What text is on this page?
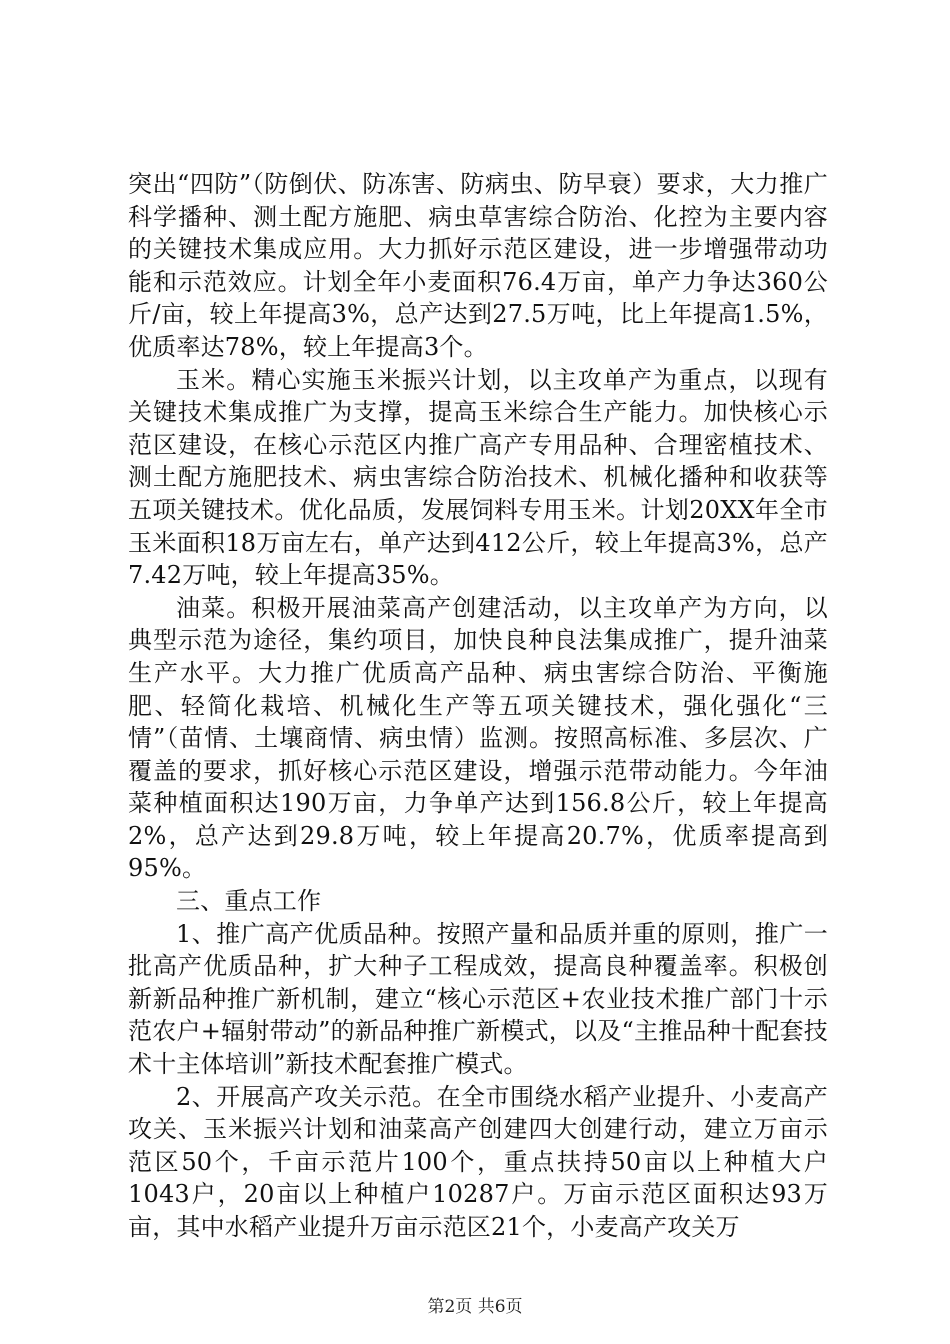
突出“四防”（防倒伏、防冻害、防病虫、防早衰）要求，大力推广科学播种、测土配方施肥、病虫草害综合防治、化控为主要内容的关键技术集成应用。大力抓好示范区建设，进一步增强带动功能和示范效应。计划全年小麦面积76.4万亩，单产力争达360公斤/亩，较上年提高3%，总产达到27.5万吨，比上年提高1.5%，优质率达78%，较上年提高3个。

玉米。精心实施玉米振兴计划，以主攻单产为重点，以现有关键技术集成推广为支撑，提高玉米综合生产能力。加快核心示范区建设，在核心示范区内推广高产专用品种、合理密植技术、测土配方施肥技术、病虫害综合防治技术、机械化播种和收获等五项关键技术。优化品质，发展饲料专用玉米。计划20XX年全市玉米面积18万亩左右，单产达到412公斤，较上年提高3%，总产7.42万吨，较上年提高35%。

油菜。积极开展油菜高产创建活动，以主攻单产为方向，以典型示范为途径，集约项目，加快良种良法集成推广，提升油菜生产水平。大力推广优质高产品种、病虫害综合防治、平衡施肥、轻简化栽培、机械化生产等五项关键技术，强化强化“三情”（苗情、土壤商情、病虫情）监测。按照高标准、多层次、广覆盖的要求，抓好核心示范区建设，增强示范带动能力。今年油菜种植面积达190万亩，力争单产达到156.8公斤，较上年提高2%，总产达到29.8万吨，较上年提高20.7%，优质率提高到95%。

三、重点工作

1、推广高产优质品种。按照产量和品质并重的原则，推广一批高产优质品种，扩大种子工程成效，提高良种覆盖率。积极创新新品种推广新机制，建立“核心示范区+农业技术推广部门十示范农户+辐射带动”的新品种推广新模式，以及“主推品种十配套技术十主体培训”新技术配套推广模式。

2、开展高产攻关示范。在全市围绕水稻产业提升、小麦高产攻关、玉米振兴计划和油菜高产创建四大创建行动，建立万亩示范区50个，千亩示范片100个，重点扶持50亩以上种植大户1043户，20亩以上种植户10287户。万亩示范区面积达93万亩，其中水稻产业提升万亩示范区21个，小麦高产攻关万

第2页 共6页
